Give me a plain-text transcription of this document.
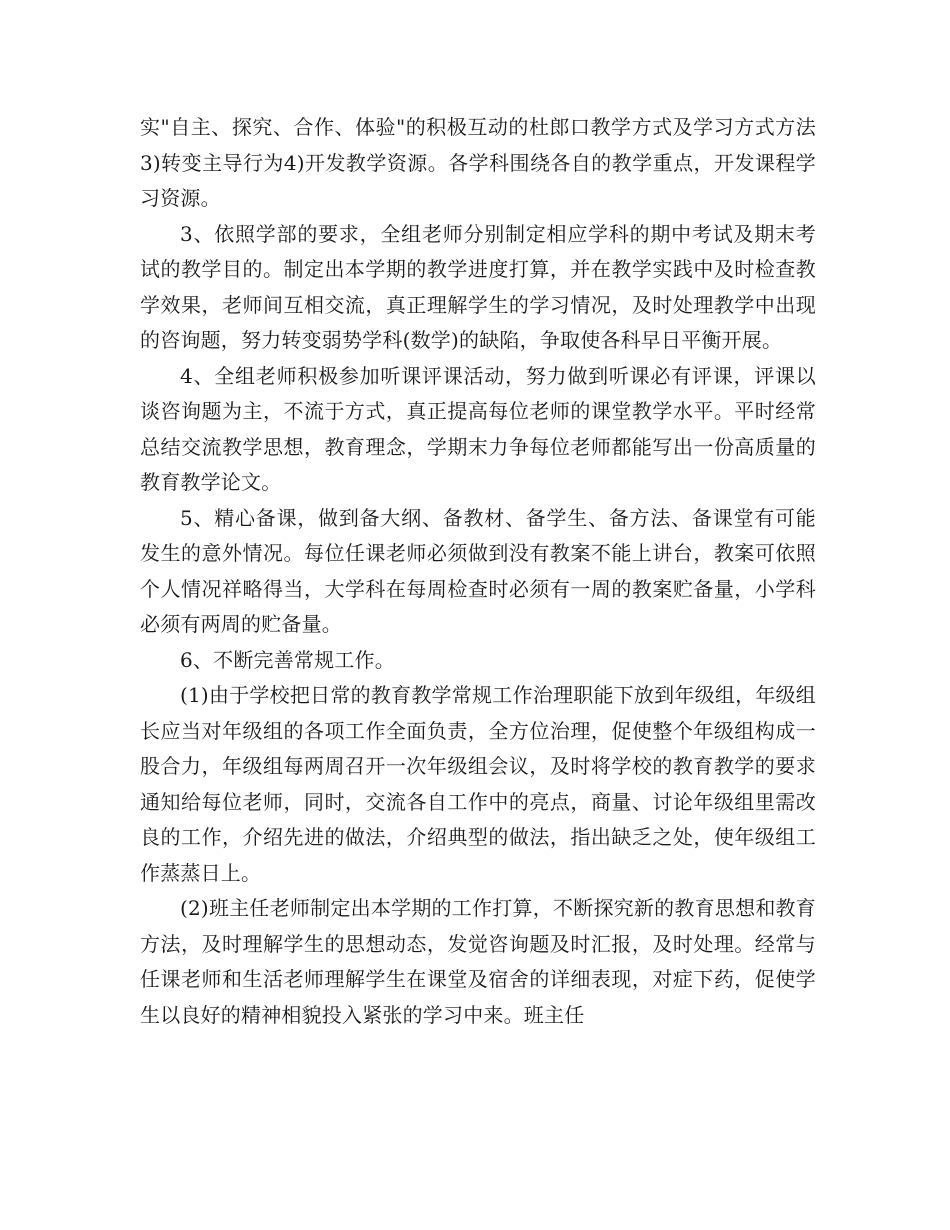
实"自主、探究、合作、体验"的积极互动的杜郎口教学方式及学习方式方法3)转变主导行为4)开发教学资源。各学科围绕各自的教学重点，开发课程学习资源。

3、依照学部的要求，全组老师分别制定相应学科的期中考试及期末考试的教学目的。制定出本学期的教学进度打算，并在教学实践中及时检查教学效果，老师间互相交流，真正理解学生的学习情况，及时处理教学中出现的咨询题，努力转变弱势学科(数学)的缺陷，争取使各科早日平衡开展。

4、全组老师积极参加听课评课活动，努力做到听课必有评课，评课以谈咨询题为主，不流于方式，真正提高每位老师的课堂教学水平。平时经常总结交流教学思想，教育理念，学期末力争每位老师都能写出一份高质量的教育教学论文。

5、精心备课，做到备大纲、备教材、备学生、备方法、备课堂有可能发生的意外情况。每位任课老师必须做到没有教案不能上讲台，教案可依照个人情况祥略得当，大学科在每周检查时必须有一周的教案贮备量，小学科必须有两周的贮备量。

6、不断完善常规工作。

(1)由于学校把日常的教育教学常规工作治理职能下放到年级组，年级组长应当对年级组的各项工作全面负责，全方位治理，促使整个年级组构成一股合力，年级组每两周召开一次年级组会议，及时将学校的教育教学的要求通知给每位老师，同时，交流各自工作中的亮点，商量、讨论年级组里需改良的工作，介绍先进的做法，介绍典型的做法，指出缺乏之处，使年级组工作蒸蒸日上。

(2)班主任老师制定出本学期的工作打算，不断探究新的教育思想和教育方法，及时理解学生的思想动态，发觉咨询题及时汇报，及时处理。经常与任课老师和生活老师理解学生在课堂及宿舍的详细表现，对症下药，促使学生以良好的精神相貌投入紧张的学习中来。班主任
